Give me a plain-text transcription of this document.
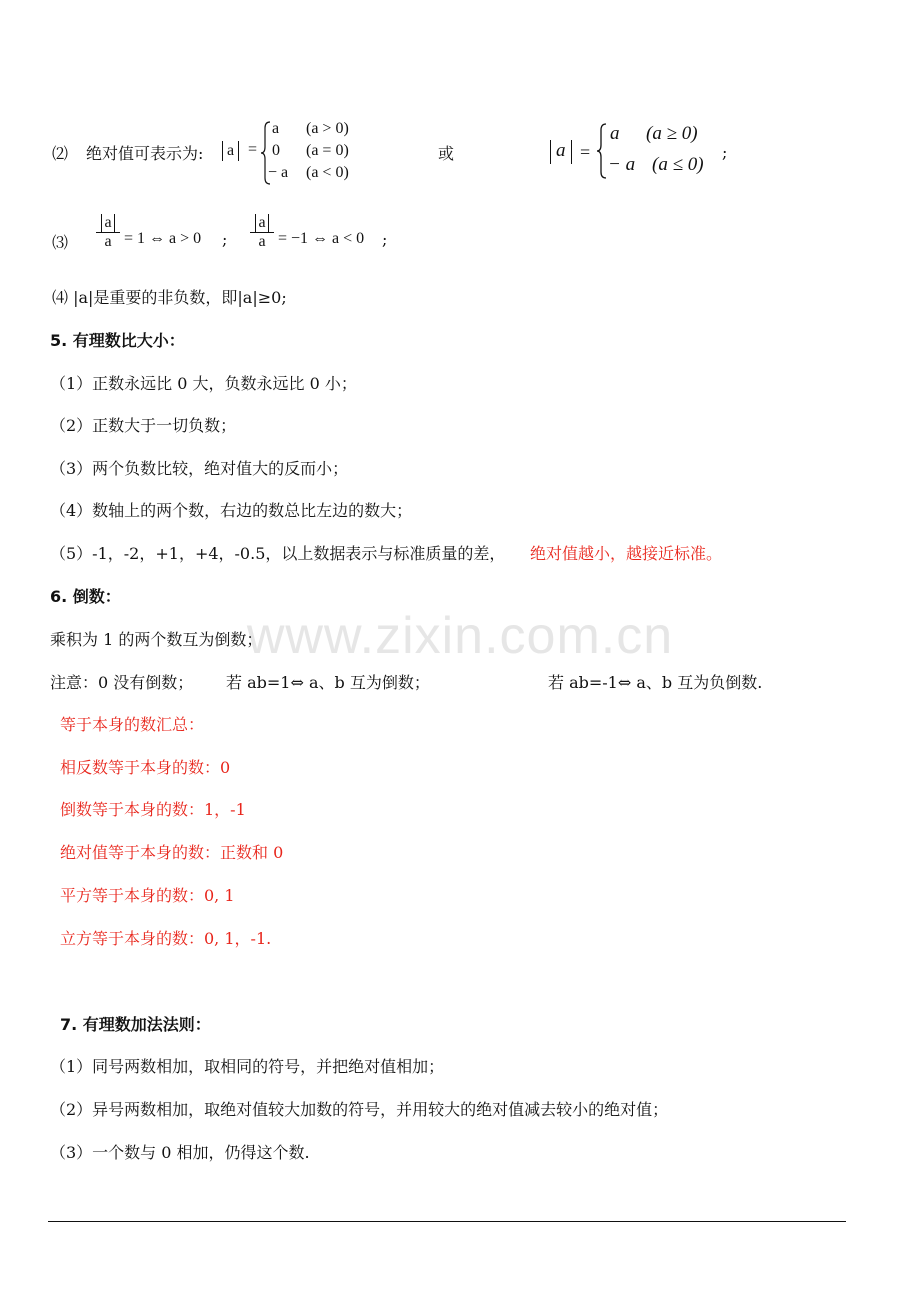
www.zixin.com.cn
⑵ 绝对值可表示为:	a =
a (a > 0)
0 (a = 0)
− a (a < 0)
或	a =
a (a ≥ 0)
− a (a ≤ 0)
;
⑶ $\frac{a}{a} = 1$ ⇔ a > 0 ; $\frac{a}{a} = -1$ ⇔ a < 0 ;
⑷ |a|是重要的非负数，即|a|≥0;
5. 有理数比大小：
（1）正数永远比 0 大，负数永远比 0 小；
（2）正数大于一切负数；
（3）两个负数比较，绝对值大的反而小；
（4）数轴上的两个数，右边的数总比左边的数大；
（5）-1，-2，+1，+4，-0.5，以上数据表示与标准质量的差， 绝对值越小，越接近标准。
6. 倒数：
乘积为 1 的两个数互为倒数；
注意：0 没有倒数； 若 ab=1⇔ a、b 互为倒数；	若 ab=-1⇔ a、b 互为负倒数.
等于本身的数汇总：
相反数等于本身的数：0
倒数等于本身的数：1，-1
绝对值等于本身的数：正数和 0
平方等于本身的数：0, 1
立方等于本身的数：0, 1，-1.
7. 有理数加法法则：
（1）同号两数相加，取相同的符号，并把绝对值相加；
（2）异号两数相加，取绝对值较大加数的符号，并用较大的绝对值减去较小的绝对值；
（3）一个数与 0 相加，仍得这个数.
